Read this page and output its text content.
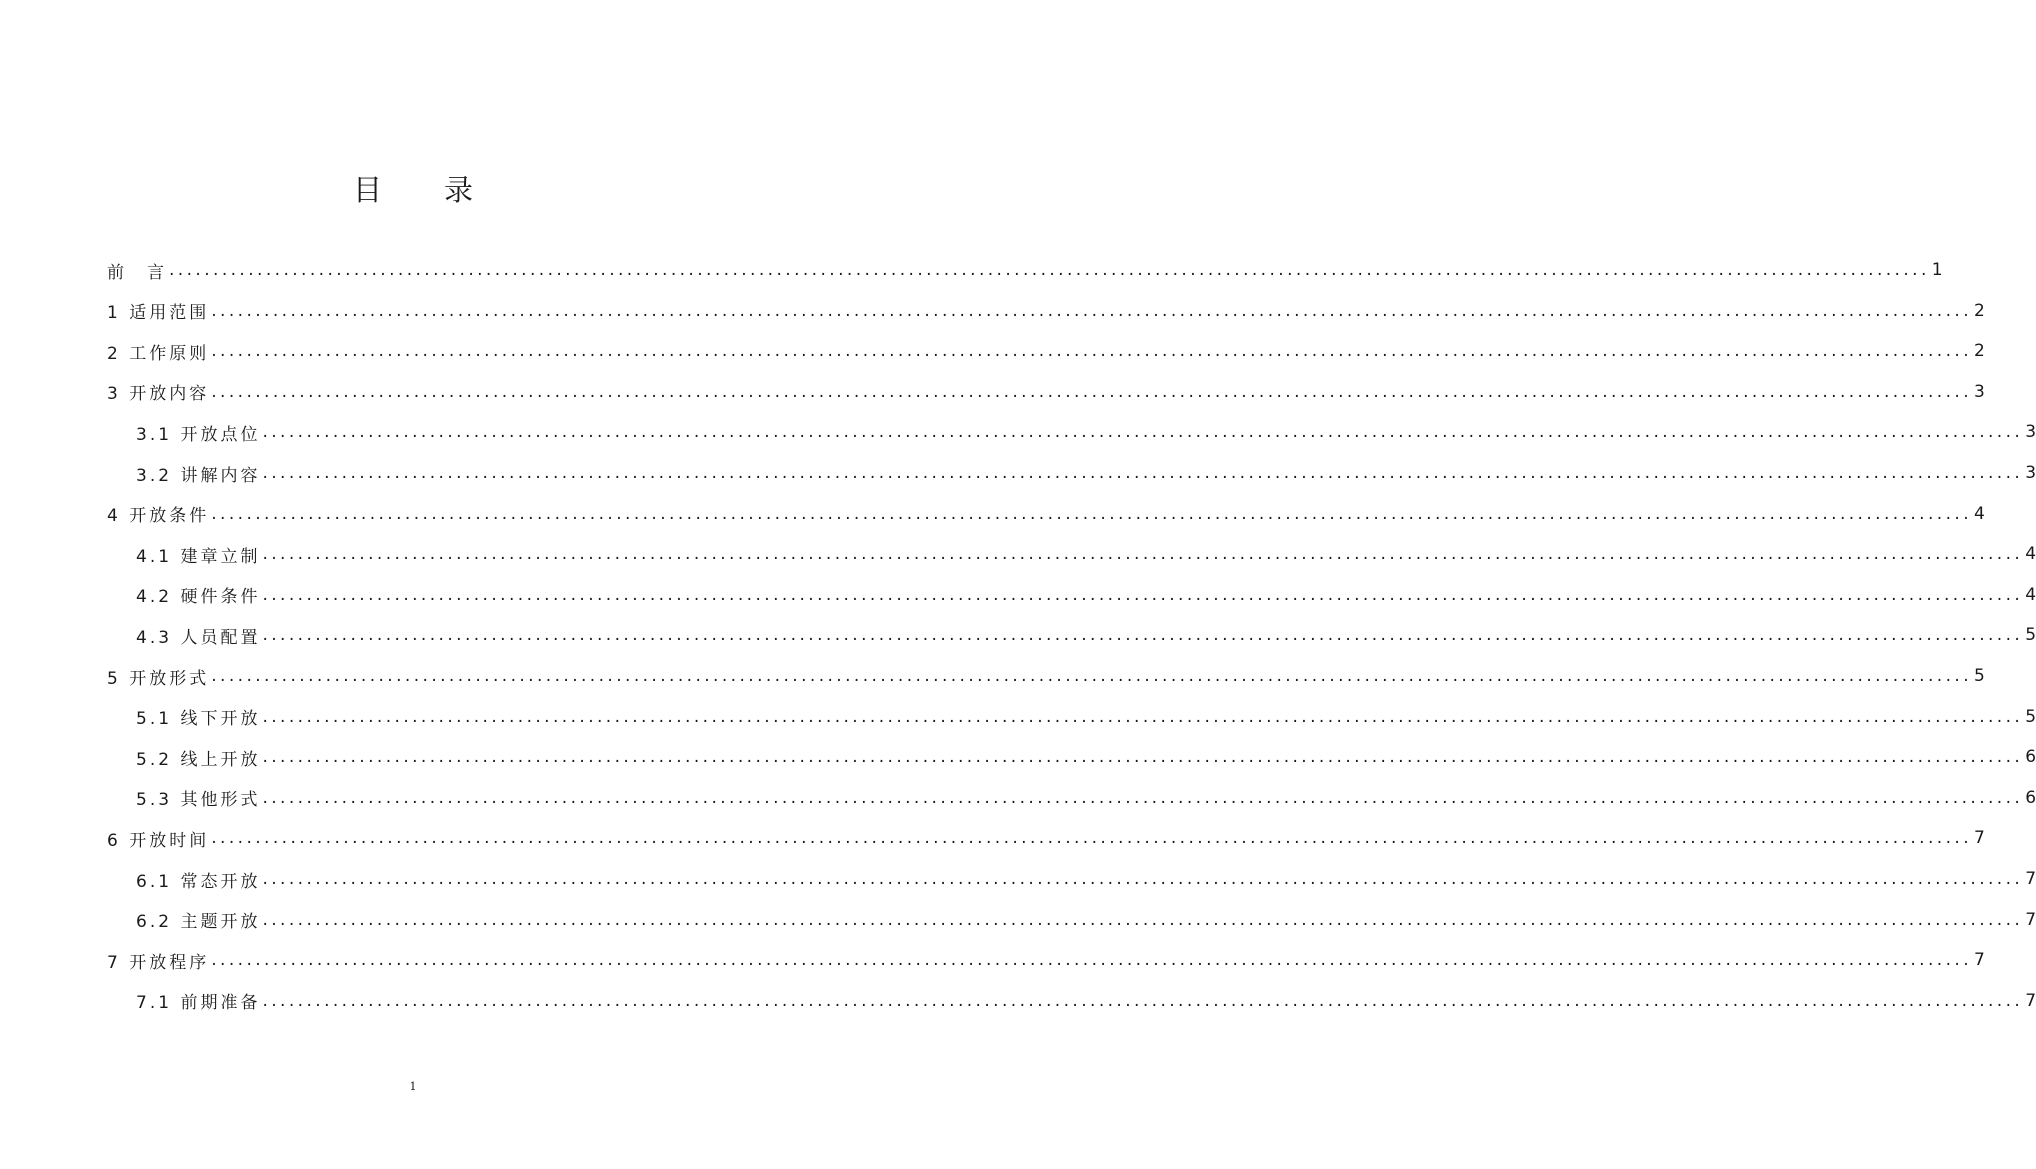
目 录
前　言 ........................................................................................................................................................................................................ 1
1 适用范围 ........................................................................................................................................................................................................ 2
2 工作原则 ........................................................................................................................................................................................................ 2
3 开放内容 ........................................................................................................................................................................................................ 3
3.1 开放点位 ........................................................................................................................................................................................................ 3
3.2 讲解内容 ........................................................................................................................................................................................................ 3
4 开放条件 ........................................................................................................................................................................................................ 4
4.1 建章立制 ........................................................................................................................................................................................................ 4
4.2 硬件条件 ........................................................................................................................................................................................................ 4
4.3 人员配置 ........................................................................................................................................................................................................ 5
5 开放形式 ........................................................................................................................................................................................................ 5
5.1 线下开放 ........................................................................................................................................................................................................ 5
5.2 线上开放 ........................................................................................................................................................................................................ 6
5.3 其他形式 ........................................................................................................................................................................................................ 6
6 开放时间 ........................................................................................................................................................................................................ 7
6.1 常态开放 ........................................................................................................................................................................................................ 7
6.2 主题开放 ........................................................................................................................................................................................................ 7
7 开放程序 ........................................................................................................................................................................................................ 7
7.1 前期准备 ........................................................................................................................................................................................................ 7
1
